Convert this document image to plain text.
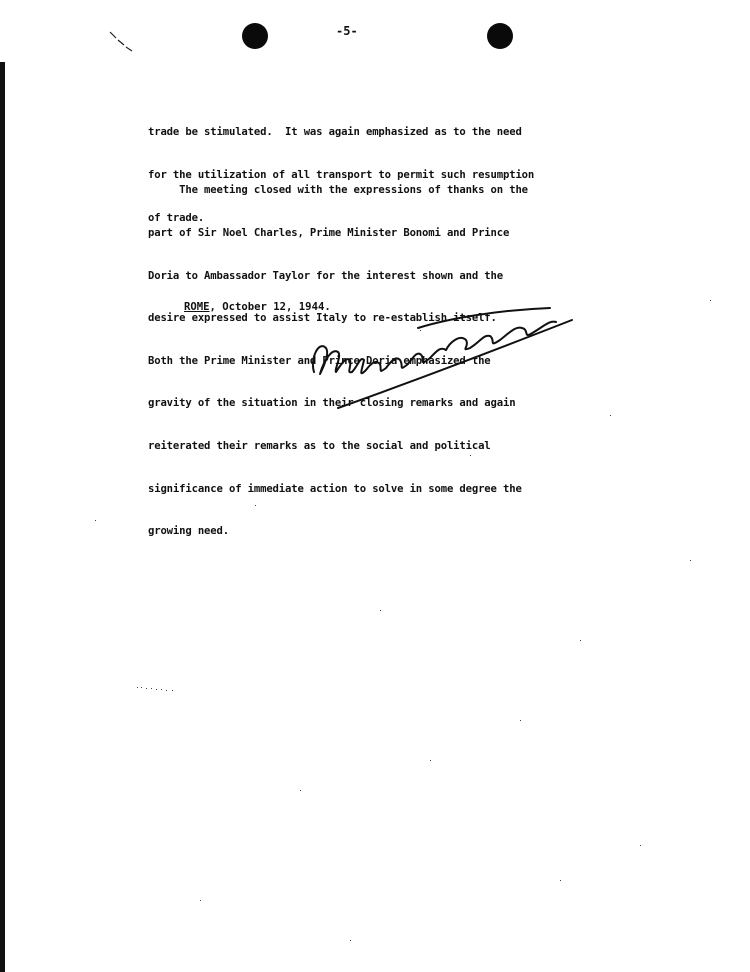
-5-

trade be stimulated.  It was again emphasized as to the need

for the utilization of all transport to permit such resumption

of trade.

The meeting closed with the expressions of thanks on the

part of Sir Noel Charles, Prime Minister Bonomi and Prince

Doria to Ambassador Taylor for the interest shown and the

desire expressed to assist Italy to re-establish itself.

Both the Prime Minister and Prince Doria emphasized the

gravity of the situation in their closing remarks and again

reiterated their remarks as to the social and political

significance of immediate action to solve in some degree the

growing need.

ROME, October 12, 1944.
